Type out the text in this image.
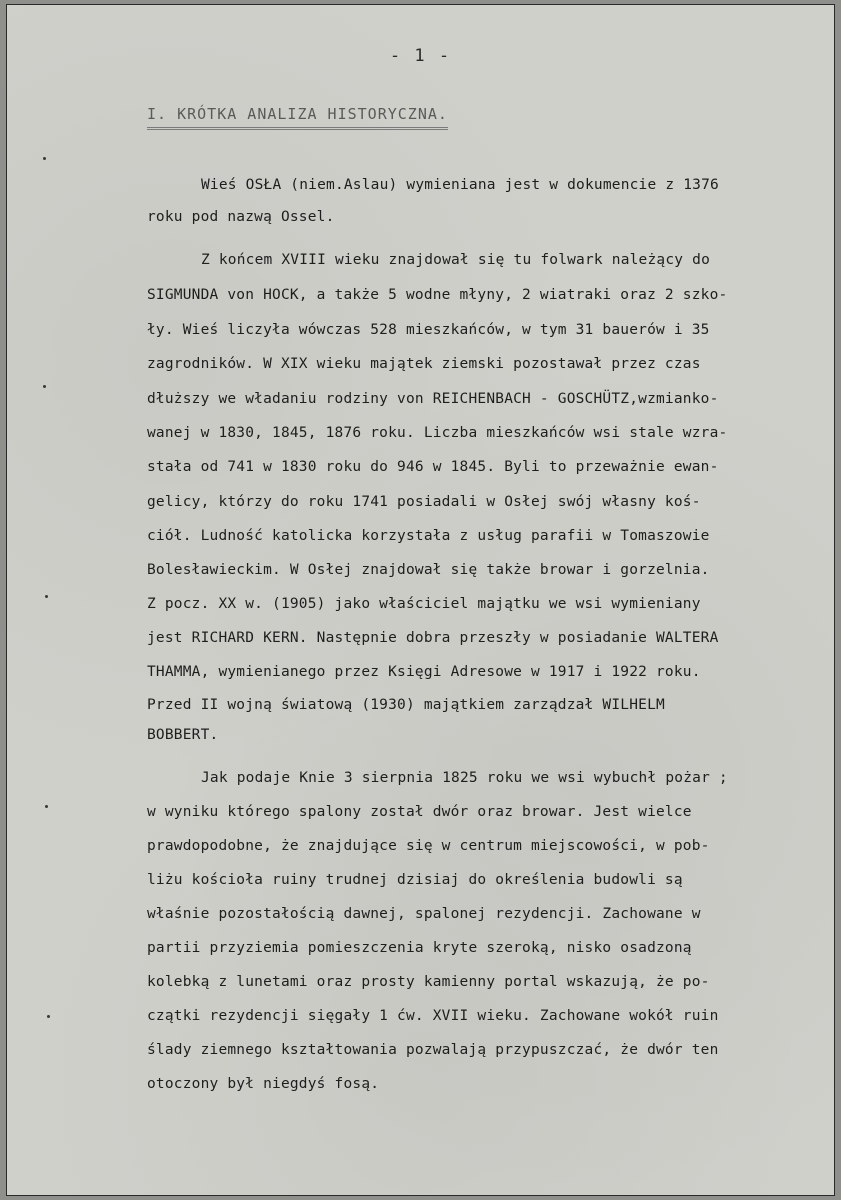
- 1 -
I. KRÓTKA ANALIZA HISTORYCZNA.
Wieś OSŁA (niem.Aslau) wymieniana jest w dokumencie z 1376
roku pod nazwą Ossel.
Z końcem XVIII wieku znajdował się tu folwark należący do
SIGMUNDA von HOCK, a także 5 wodne młyny, 2 wiatraki oraz 2 szko-
ły. Wieś liczyła wówczas 528 mieszkańców, w tym 31 bauerów i 35
zagrodników. W XIX wieku majątek ziemski pozostawał przez czas
dłuższy we władaniu rodziny von REICHENBACH - GOSCHÜTZ,wzmianko-
wanej w 1830, 1845, 1876 roku. Liczba mieszkańców wsi stale wzra-
stała od 741 w 1830 roku do 946 w 1845. Byli to przeważnie ewan-
gelicy, którzy do roku 1741 posiadali w Osłej swój własny koś-
ciół. Ludność katolicka korzystała z usług parafii w Tomaszowie
Bolesławieckim. W Osłej znajdował się także browar i gorzelnia.
Z pocz. XX w. (1905) jako właściciel majątku we wsi wymieniany
jest RICHARD KERN. Następnie dobra przeszły w posiadanie WALTERA
THAMMA, wymienianego przez Księgi Adresowe w 1917 i 1922 roku.
Przed II wojną światową (1930) majątkiem zarządzał WILHELM
BOBBERT.
Jak podaje Knie 3 sierpnia 1825 roku we wsi wybuchł pożar ;
w wyniku którego spalony został dwór oraz browar. Jest wielce
prawdopodobne, że znajdujące się w centrum miejscowości, w pob-
liżu kościoła ruiny trudnej dzisiaj do określenia budowli są
właśnie pozostałością dawnej, spalonej rezydencji. Zachowane w
partii przyziemia pomieszczenia kryte szeroką, nisko osadzoną
kolebką z lunetami oraz prosty kamienny portal wskazują, że po-
czątki rezydencji sięgały 1 ćw. XVII wieku. Zachowane wokół ruin
ślady ziemnego kształtowania pozwalają przypuszczać, że dwór ten
otoczony był niegdyś fosą.
